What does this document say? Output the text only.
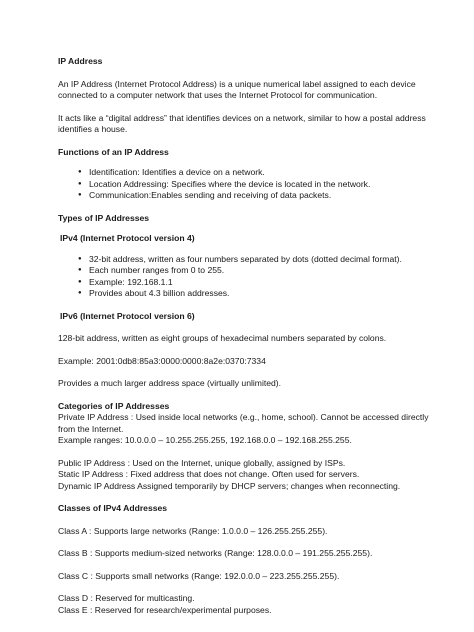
IP Address

An IP Address (Internet Protocol Address) is a unique numerical label assigned to each device connected to a computer network that uses the Internet Protocol for communication.

It acts like a “digital address” that identifies devices on a network, similar to how a postal address identifies a house.

Functions of an IP Address

● Identification: Identifies a device on a network.
● Location Addressing: Specifies where the device is located in the network.
● Communication:Enables sending and receiving of data packets.

Types of IP Addresses

IPv4 (Internet Protocol version 4)

● 32-bit address, written as four numbers separated by dots (dotted decimal format).
● Each number ranges from 0 to 255.
● Example: 192.168.1.1
● Provides about 4.3 billion addresses.

IPv6 (Internet Protocol version 6)

128-bit address, written as eight groups of hexadecimal numbers separated by colons.

Example: 2001:0db8:85a3:0000:0000:8a2e:0370:7334

Provides a much larger address space (virtually unlimited).

Categories of IP Addresses

Private IP Address : Used inside local networks (e.g., home, school). Cannot be accessed directly from the Internet.

Example ranges: 10.0.0.0 – 10.255.255.255, 192.168.0.0 – 192.168.255.255.

Public IP Address : Used on the Internet, unique globally, assigned by ISPs.

Static IP Address : Fixed address that does not change. Often used for servers.

Dynamic IP Address Assigned temporarily by DHCP servers; changes when reconnecting.

Classes of IPv4 Addresses

Class A : Supports large networks (Range: 1.0.0.0 – 126.255.255.255).

Class B : Supports medium-sized networks (Range: 128.0.0.0 – 191.255.255.255).

Class C : Supports small networks (Range: 192.0.0.0 – 223.255.255.255).

Class D : Reserved for multicasting.

Class E : Reserved for research/experimental purposes.
